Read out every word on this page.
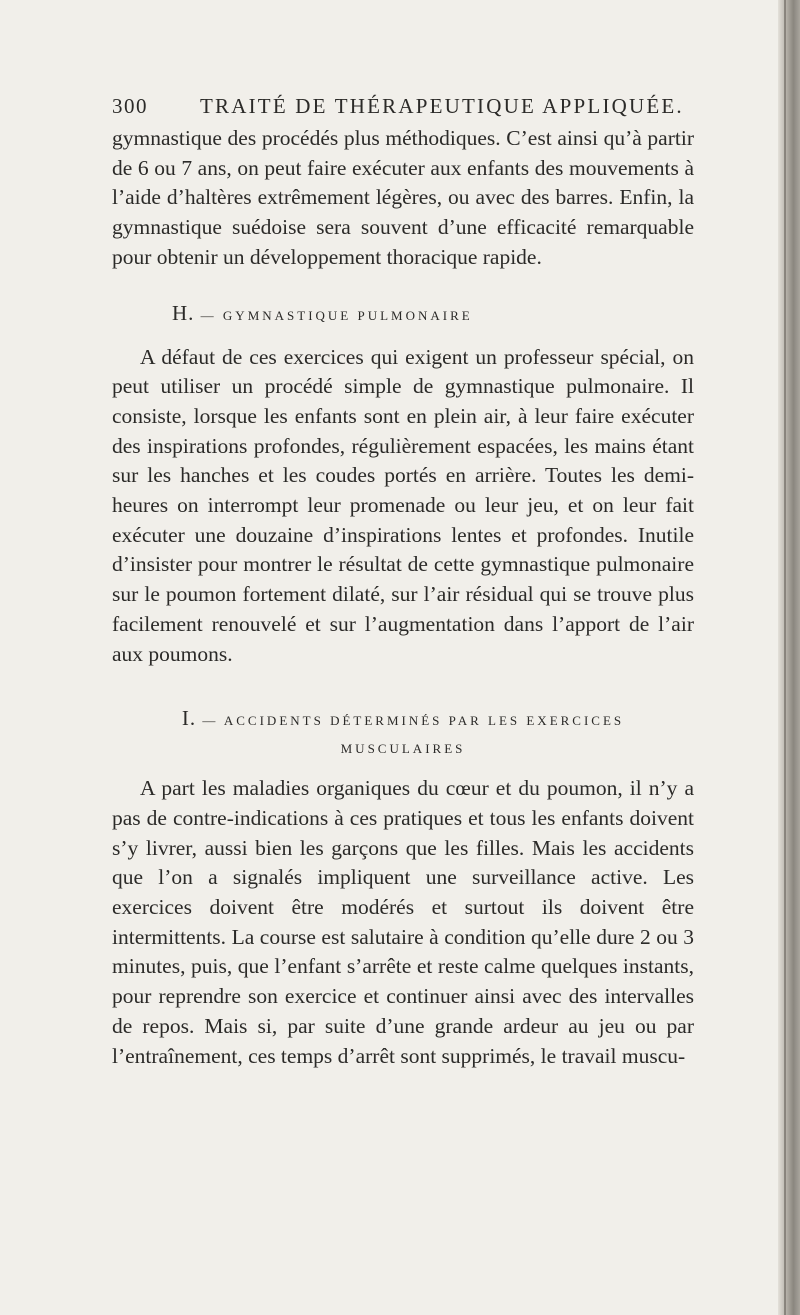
300 TRAITÉ DE THÉRAPEUTIQUE APPLIQUÉE.

gymnastique des procédés plus méthodiques. C’est ainsi qu’à partir de 6 ou 7 ans, on peut faire exécuter aux enfants des mouvements à l’aide d’haltères extrêmement légères, ou avec des barres. Enfin, la gymnastique suédoise sera souvent d’une efficacité remarquable pour obtenir un développement thoracique rapide.

H. — GYMNASTIQUE PULMONAIRE

A défaut de ces exercices qui exigent un professeur spécial, on peut utiliser un procédé simple de gymnastique pulmonaire. Il consiste, lorsque les enfants sont en plein air, à leur faire exécuter des inspirations profondes, régulièrement espacées, les mains étant sur les hanches et les coudes portés en arrière. Toutes les demi-heures on interrompt leur promenade ou leur jeu, et on leur fait exécuter une douzaine d’inspirations lentes et profondes. Inutile d’insister pour montrer le résultat de cette gymnastique pulmonaire sur le poumon fortement dilaté, sur l’air résidual qui se trouve plus facilement renouvelé et sur l’augmentation dans l’apport de l’air aux poumons.

I. — ACCIDENTS DÉTERMINÉS PAR LES EXERCICES
MUSCULAIRES

A part les maladies organiques du cœur et du poumon, il n’y a pas de contre-indications à ces pratiques et tous les enfants doivent s’y livrer, aussi bien les garçons que les filles. Mais les accidents que l’on a signalés impliquent une surveillance active. Les exercices doivent être modérés et surtout ils doivent être intermittents. La course est salutaire à condition qu’elle dure 2 ou 3 minutes, puis, que l’enfant s’arrête et reste calme quelques instants, pour reprendre son exercice et continuer ainsi avec des intervalles de repos. Mais si, par suite d’une grande ardeur au jeu ou par l’entraînement, ces temps d’arrêt sont supprimés, le travail muscu-
